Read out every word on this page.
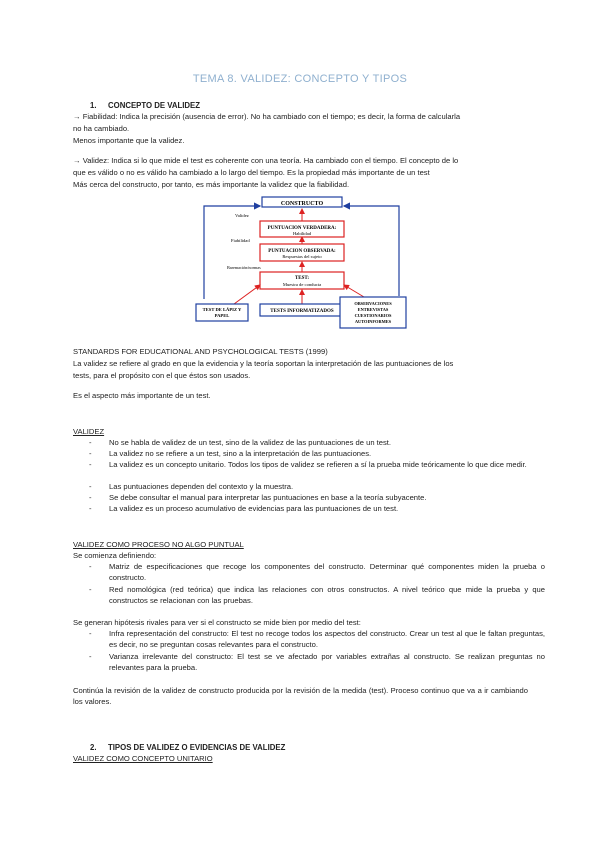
TEMA 8. VALIDEZ: CONCEPTO Y TIPOS
1. CONCEPTO DE VALIDEZ

→ Fiabilidad: Indica la precisión (ausencia de error). No ha cambiado con el tiempo; es decir, la forma de calcularla

no ha cambiado.

Menos importante que la validez.

→ Validez: Indica si lo que mide el test es coherente con una teoría. Ha cambiado con el tiempo. El concepto de lo

que es válido o no es válido ha cambiado a lo largo del tiempo. Es la propiedad más importante de un test

Más cerca del constructo, por tanto, es más importante la validez que la fiabilidad.

CONSTRUCTO
Validez
Fiabilidad
Baremación/normas
PUNTUACION VERDADERA:
Habilidad
PUNTUACION OBSERVADA:
Respuestas del sujeto
TEST:
Muestra de conducta
TEST DE LÁPIZ Y
PAPEL
TESTS INFORMATIZADOS
OBSERVACIONES
ENTREVISTAS
CUESTIONARIOS
AUTOINFORMES

STANDARDS FOR EDUCATIONAL AND PSYCHOLOGICAL TESTS (1999)

La validez se refiere al grado en que la evidencia y la teoría soportan la interpretación de las puntuaciones de los

tests, para el propósito con el que éstos son usados.

Es el aspecto más importante de un test.

VALIDEZ

- No se habla de validez de un test, sino de la validez de las puntuaciones de un test.

- La validez no se refiere a un test, sino a la interpretación de las puntuaciones.

- La validez es un concepto unitario. Todos los tipos de validez se refieren a sí la prueba mide teóricamente lo que dice medir.

- Las puntuaciones dependen del contexto y la muestra.

- Se debe consultar el manual para interpretar las puntuaciones en base a la teoría subyacente.

- La validez es un proceso acumulativo de evidencias para las puntuaciones de un test.

VALIDEZ COMO PROCESO NO ALGO PUNTUAL

Se comienza definiendo:

- Matriz de especificaciones que recoge los componentes del constructo. Determinar qué componentes miden la prueba o constructo.

- Red nomológica (red teórica) que indica las relaciones con otros constructos. A nivel teórico que mide la prueba y que constructos se relacionan con las pruebas.

Se generan hipótesis rivales para ver si el constructo se mide bien por medio del test:

- Infra representación del constructo: El test no recoge todos los aspectos del constructo. Crear un test al que le faltan preguntas, es decir, no se preguntan cosas relevantes para el constructo.

- Varianza irrelevante del constructo: El test se ve afectado por variables extrañas al constructo. Se realizan preguntas no relevantes para la prueba.

Continúa la revisión de la validez de constructo producida por la revisión de la medida (test). Proceso continuo que va a ir cambiando los valores.

2. TIPOS DE VALIDEZ O EVIDENCIAS DE VALIDEZ

VALIDEZ COMO CONCEPTO UNITARIO
